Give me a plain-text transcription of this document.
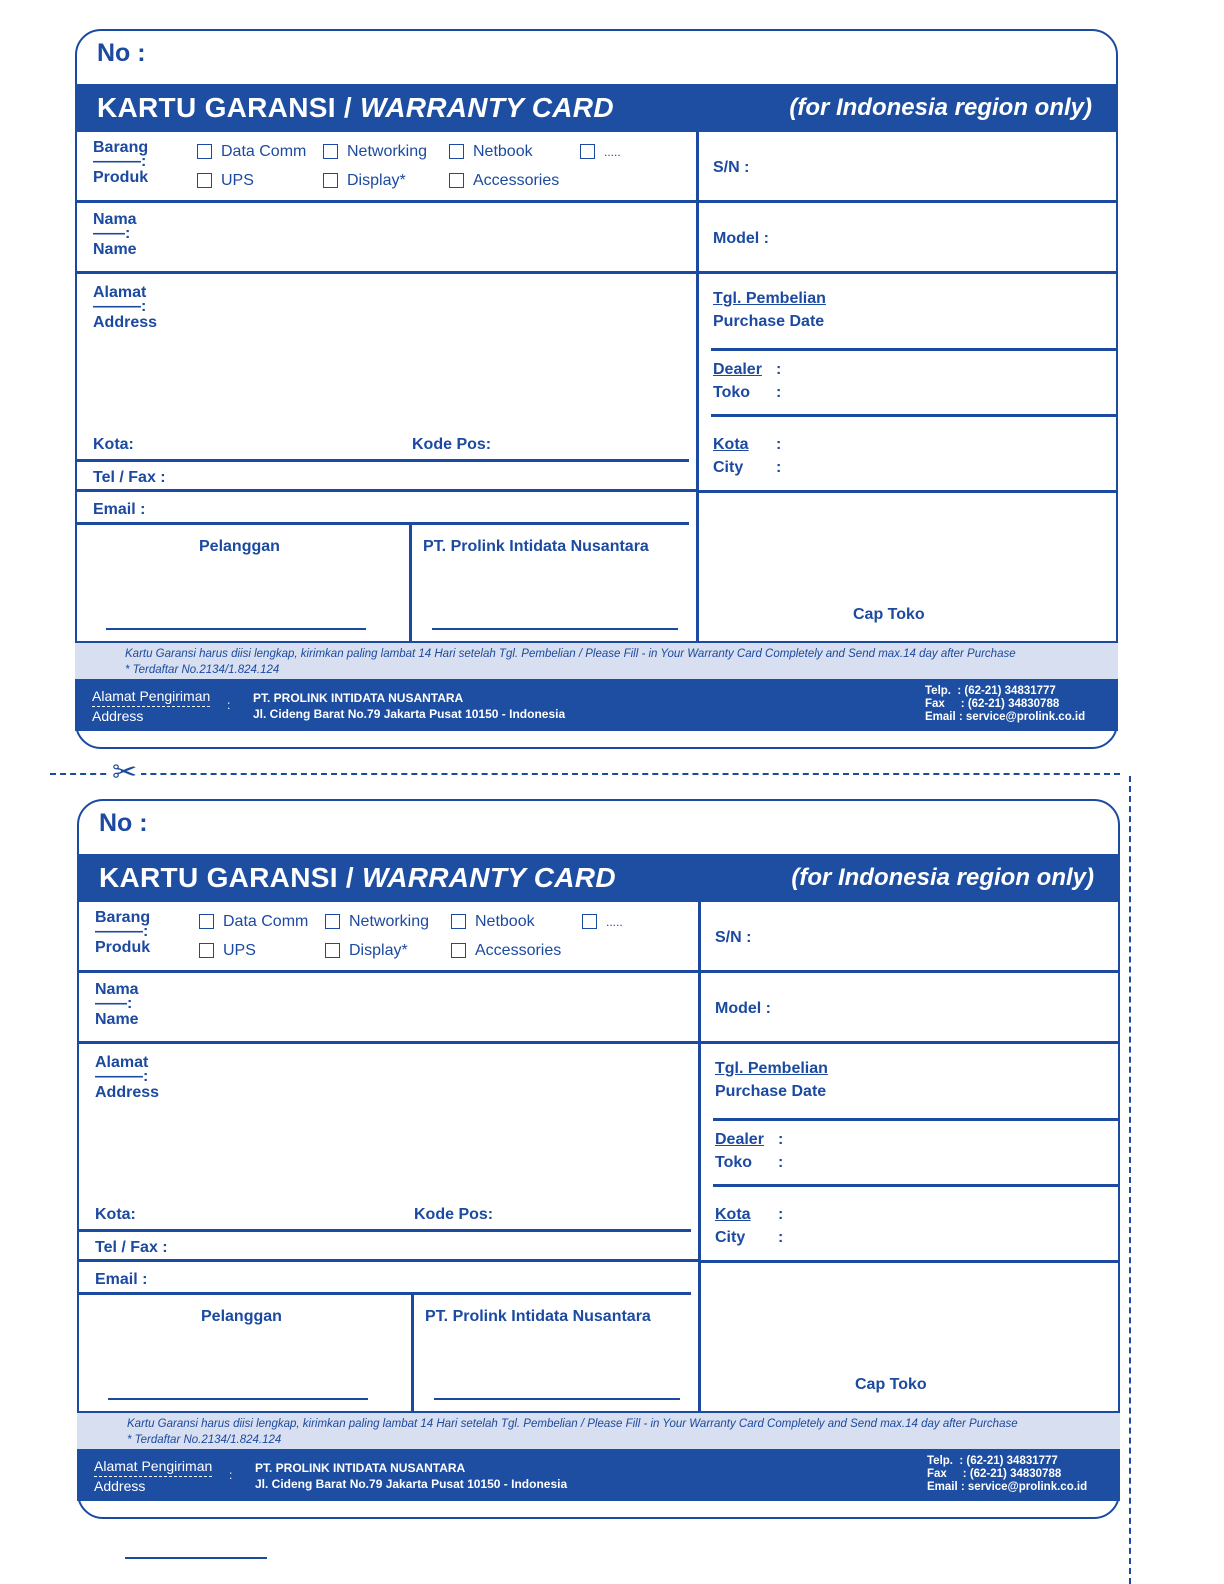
No :
KARTU GARANSI / WARRANTY CARD	(for Indonesia region only)
Barang
———:
Produk
Data Comm	Networking	Netbook	.....
UPS	Display*	Accessories
S/N :
Nama
——:
Name
Model :
Alamat
———:
Address
Tgl. Pembelian
Purchase Date
Dealer :
Toko :
Kota :
City :
Kota:	Kode Pos:
Tel / Fax :
Email :
Pelanggan	PT. Prolink Intidata Nusantara
Cap Toko
Kartu Garansi harus diisi lengkap, kirimkan paling lambat 14 Hari setelah Tgl. Pembelian / Please Fill - in Your Warranty Card Completely and Send max.14 day after Purchase
* Terdaftar No.2134/1.824.124
Alamat Pengiriman
Address
: PT. PROLINK INTIDATA NUSANTARA
Jl. Cideng Barat No.79 Jakarta Pusat 10150 - Indonesia
Telp.  : (62-21) 34831777
Fax     : (62-21) 34830788
Email : service@prolink.co.id
✂
No :
KARTU GARANSI / WARRANTY CARD	(for Indonesia region only)
Barang
———:
Produk
Data Comm	Networking	Netbook	.....
UPS	Display*	Accessories
S/N :
Nama
——:
Name
Model :
Alamat
———:
Address
Tgl. Pembelian
Purchase Date
Dealer :
Toko :
Kota :
City :
Kota:	Kode Pos:
Tel / Fax :
Email :
Pelanggan	PT. Prolink Intidata Nusantara
Cap Toko
Kartu Garansi harus diisi lengkap, kirimkan paling lambat 14 Hari setelah Tgl. Pembelian / Please Fill - in Your Warranty Card Completely and Send max.14 day after Purchase
* Terdaftar No.2134/1.824.124
Alamat Pengiriman
Address
: PT. PROLINK INTIDATA NUSANTARA
Jl. Cideng Barat No.79 Jakarta Pusat 10150 - Indonesia
Telp.  : (62-21) 34831777
Fax     : (62-21) 34830788
Email : service@prolink.co.id
